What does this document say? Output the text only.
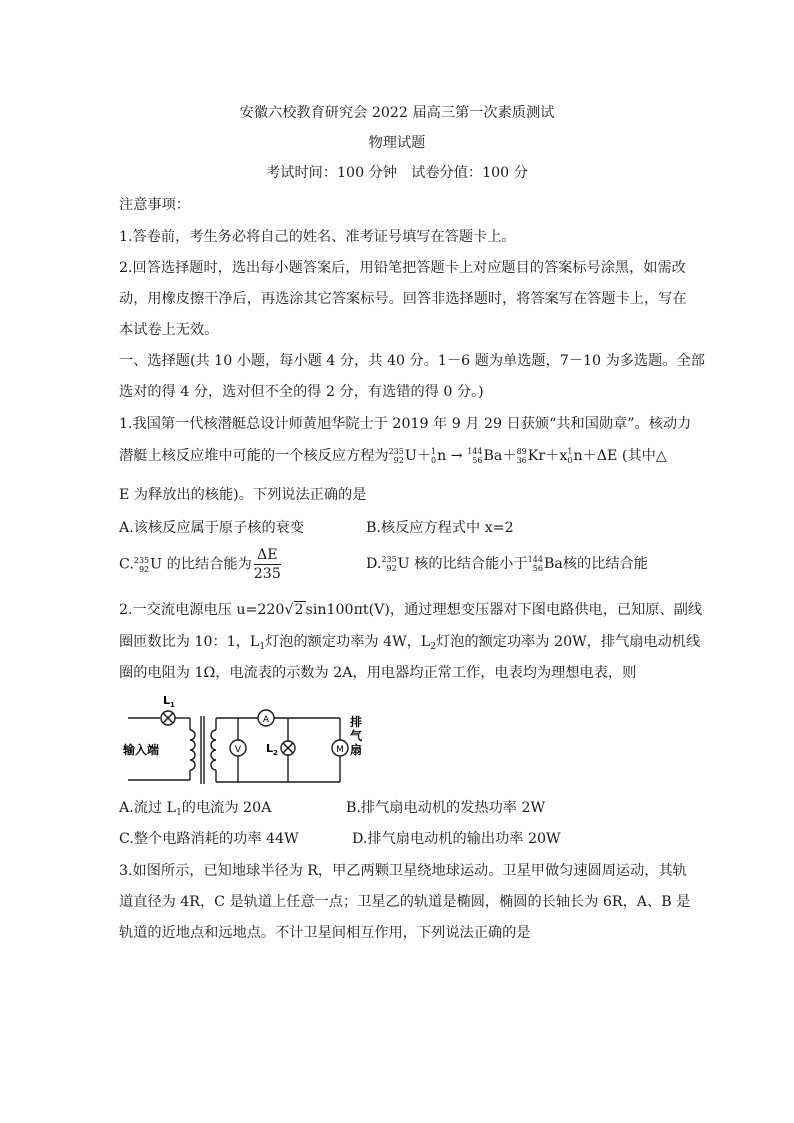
安徽六校教育研究会 2022 届高三第一次素质测试
物理试题
考试时间：100 分钟　试卷分值：100 分
注意事项：
1.答卷前，考生务必将自己的姓名、准考证号填写在答题卡上。
2.回答选择题时，选出每小题答案后，用铅笔把答题卡上对应题目的答案标号涂黑，如需改
动，用橡皮擦干净后，再选涂其它答案标号。回答非选择题时，将答案写在答题卡上，写在
本试卷上无效。
一、选择题(共 10 小题，每小题 4 分，共 40 分。1－6 题为单选题，7－10 为多选题。全部
选对的得 4 分，选对但不全的得 2 分，有选错的得 0 分。)
1.我国第一代核潜艇总设计师黄旭华院士于 2019 年 9 月 29 日获颁“共和国勋章”。核动力
潜艇上核反应堆中可能的一个核反应方程为 235
92 U＋ 1
0 n → 144
56 Ba＋ 89
36 Kr＋x 1
0 n＋ΔE (其中△
E 为释放出的核能)。下列说法正确的是
A.该核反应属于原子核的衰变	B.核反应方程式中 x=2
C. 235
92 U 的比结合能为 $\frac{\Delta E}{235}$	D. 235
92 U 核的比结合能小于 144
56 Ba核的比结合能
2.一交流电源电压 u=220√2 sin100πt(V)，通过理想变压器对下图电路供电，已知原、副线
圈匝数比为 10：1，$L_1$灯泡的额定功率为 4W，$L_2$灯泡的额定功率为 20W，排气扇电动机线
圈的电阻为 1Ω，电流表的示数为 2A，用电器均正常工作，电表均为理想电表，则
$L_1$
$L_2$
输入端
A
V	M
排
气
扇
A.流过 $L_1$的电流为 20A	B.排气扇电动机的发热功率 2W
C.整个电路消耗的功率 44W	D.排气扇电动机的输出功率 20W
3.如图所示，已知地球半径为 R，甲乙两颗卫星绕地球运动。卫星甲做匀速圆周运动，其轨
道直径为 4R，C 是轨道上任意一点；卫星乙的轨道是椭圆，椭圆的长轴长为 6R，A、B 是
轨道的近地点和远地点。不计卫星间相互作用，下列说法正确的是
